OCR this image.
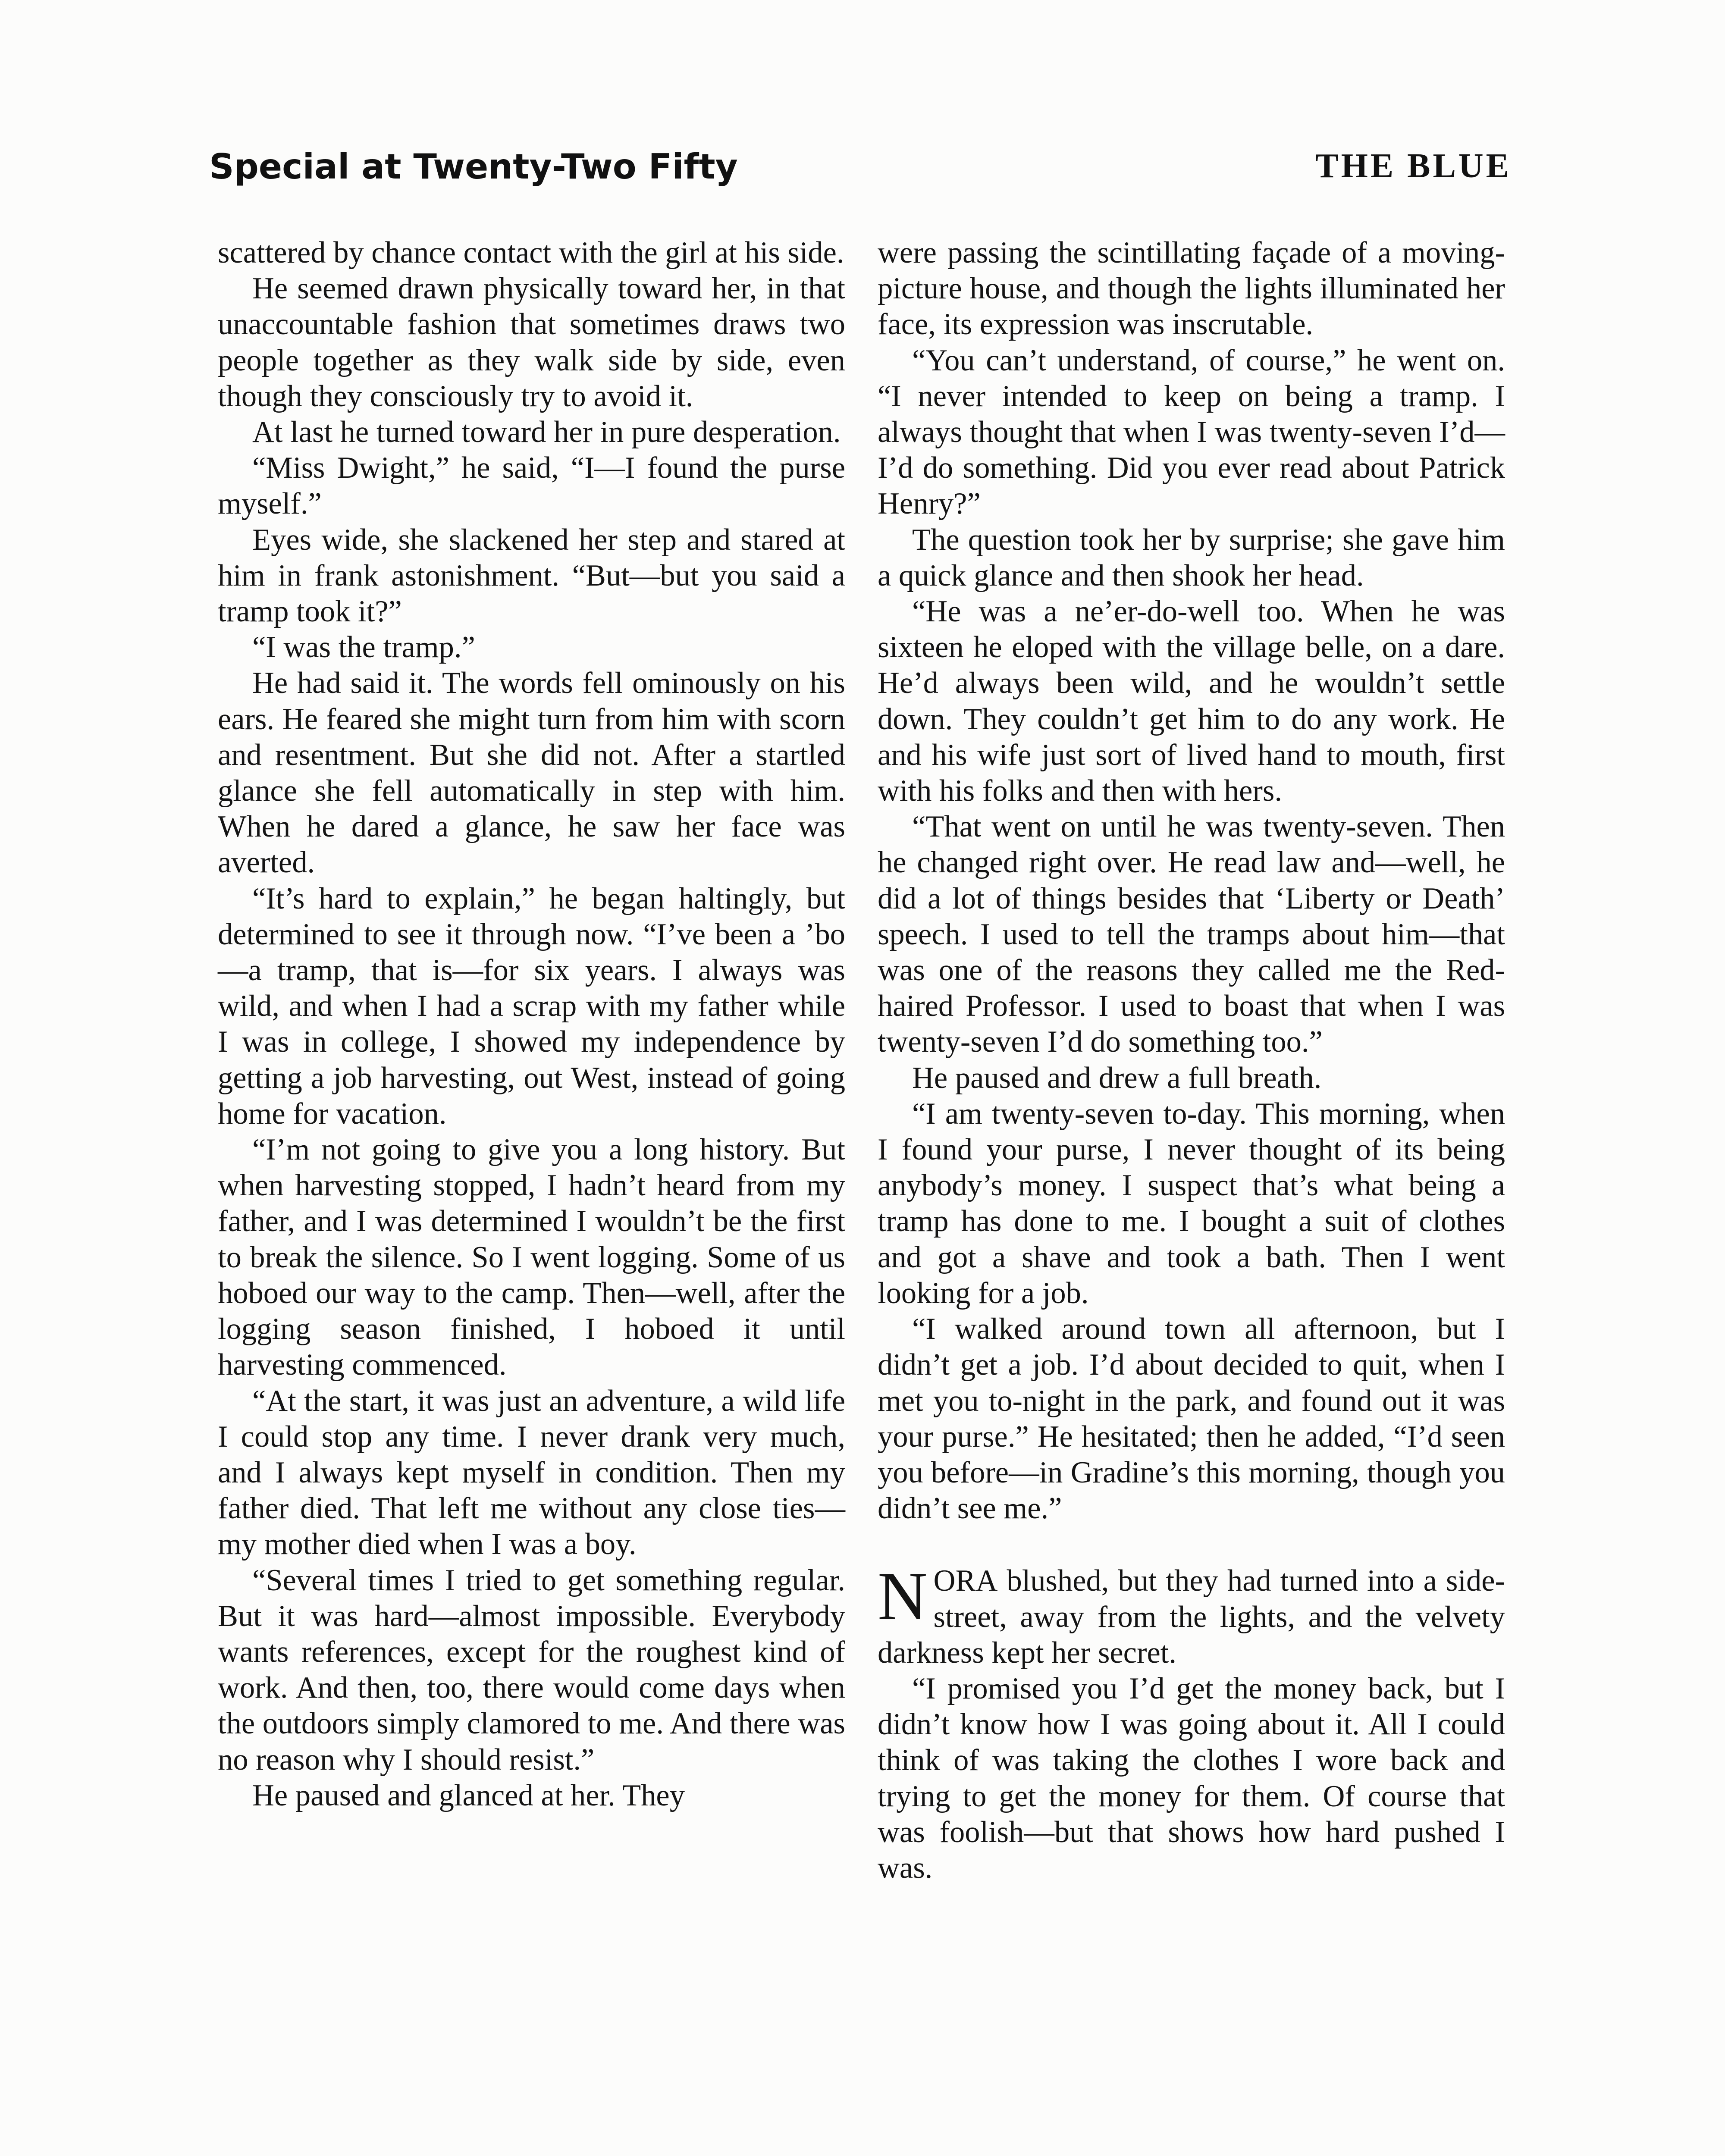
Special at Twenty-Two Fifty	THE BLUE

scattered by chance contact with the girl at his side.

He seemed drawn physically toward her, in that unaccountable fashion that sometimes draws two people together as they walk side by side, even though they consciously try to avoid it.

At last he turned toward her in pure desperation.

“Miss Dwight,” he said, “I—I found the purse myself.”

Eyes wide, she slackened her step and stared at him in frank astonishment. “But—but you said a tramp took it?”

“I was the tramp.”

He had said it. The words fell ominously on his ears. He feared she might turn from him with scorn and resentment. But she did not. After a startled glance she fell automatically in step with him. When he dared a glance, he saw her face was averted.

“It’s hard to explain,” he began haltingly, but determined to see it through now. “I’ve been a ’bo—a tramp, that is—for six years. I always was wild, and when I had a scrap with my father while I was in college, I showed my independence by getting a job harvesting, out West, instead of going home for vacation.

“I’m not going to give you a long history. But when harvesting stopped, I hadn’t heard from my father, and I was determined I wouldn’t be the first to break the silence. So I went logging. Some of us hoboed our way to the camp. Then—well, after the logging season finished, I hoboed it until harvesting commenced.

“At the start, it was just an adventure, a wild life I could stop any time. I never drank very much, and I always kept myself in condition. Then my father died. That left me without any close ties—my mother died when I was a boy.

“Several times I tried to get something regular. But it was hard—almost impossible. Everybody wants references, except for the roughest kind of work. And then, too, there would come days when the outdoors simply clamored to me. And there was no reason why I should resist.”

He paused and glanced at her. They

were passing the scintillating façade of a moving-picture house, and though the lights illuminated her face, its expression was inscrutable.

“You can’t understand, of course,” he went on. “I never intended to keep on being a tramp. I always thought that when I was twenty-seven I’d—I’d do something. Did you ever read about Patrick Henry?”

The question took her by surprise; she gave him a quick glance and then shook her head.

“He was a ne’er-do-well too. When he was sixteen he eloped with the village belle, on a dare. He’d always been wild, and he wouldn’t settle down. They couldn’t get him to do any work. He and his wife just sort of lived hand to mouth, first with his folks and then with hers.

“That went on until he was twenty-seven. Then he changed right over. He read law and—well, he did a lot of things besides that ‘Liberty or Death’ speech. I used to tell the tramps about him—that was one of the reasons they called me the Red-haired Professor. I used to boast that when I was twenty-seven I’d do something too.”

He paused and drew a full breath.

“I am twenty-seven to-day. This morning, when I found your purse, I never thought of its being anybody’s money. I suspect that’s what being a tramp has done to me. I bought a suit of clothes and got a shave and took a bath. Then I went looking for a job.

“I walked around town all afternoon, but I didn’t get a job. I’d about decided to quit, when I met you to-night in the park, and found out it was your purse.” He hesitated; then he added, “I’d seen you before—in Gradine’s this morning, though you didn’t see me.”

NORA blushed, but they had turned into a side-street, away from the lights, and the velvety darkness kept her secret.

“I promised you I’d get the money back, but I didn’t know how I was going about it. All I could think of was taking the clothes I wore back and trying to get the money for them. Of course that was foolish—but that shows how hard pushed I was.
